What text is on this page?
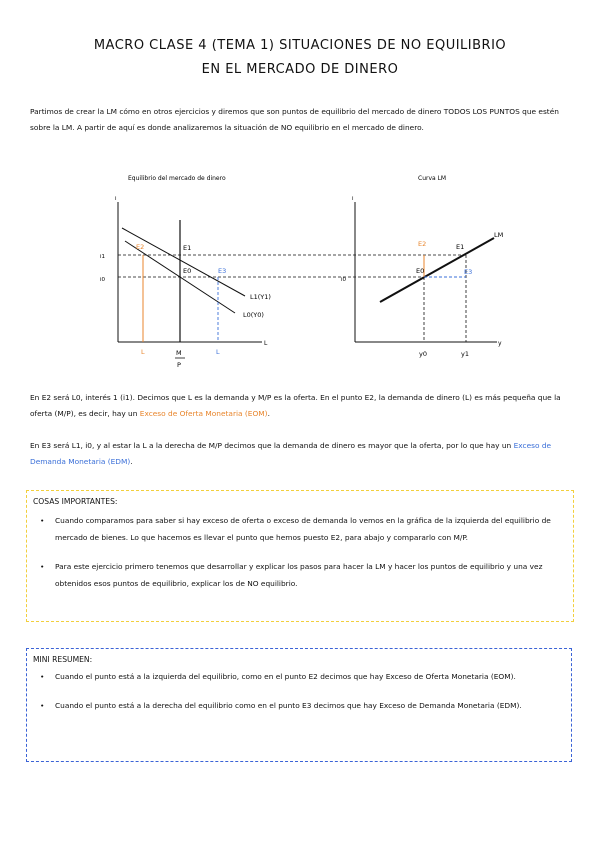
MACRO CLASE 4 (TEMA 1) SITUACIONES DE NO EQUILIBRIO
EN EL MERCADO DE DINERO
Partimos de crear la LM cómo en otros ejercicios y diremos que son puntos de equilibrio del mercado de dinero TODOS LOS PUNTOS que estén sobre la LM. A partir de aquí es donde analizaremos la situación de NO equilibrio en el mercado de dinero.
Equilibrio del mercado de dinero
i
L
i1
i0
E2	E1
E0	E3
L1(Y1)
L0(Y0)
L	M
P
L
Curva LM
i
y
i0
LM
E2	E1
E0	E3
y0	y1
En E2 será L0, interés 1 (i1). Decimos que L es la demanda y M/P es la oferta. En el punto E2, la demanda de dinero (L) es más pequeña que la oferta (M/P), es decir, hay un Exceso de Oferta Monetaria (EOM).
En E3 será L1, i0, y al estar la L a la derecha de M/P decimos que la demanda de dinero es mayor que la oferta, por lo que hay un Exceso de Demanda Monetaria (EDM).
COSAS IMPORTANTES:
• Cuando comparamos para saber si hay exceso de oferta o exceso de demanda lo vemos en la gráfica de la izquierda del equilibrio de mercado de bienes. Lo que hacemos es llevar el punto que hemos puesto E2, para abajo y compararlo con M/P.
• Para este ejercicio primero tenemos que desarrollar y explicar los pasos para hacer la LM y hacer los puntos de equilibrio y una vez obtenidos esos puntos de equilibrio, explicar los de NO equilibrio.
MINI RESUMEN:
• Cuando el punto está a la izquierda del equilibrio, como en el punto E2 decimos que hay Exceso de Oferta Monetaria (EOM).
• Cuando el punto está a la derecha del equilibrio como en el punto E3 decimos que hay Exceso de Demanda Monetaria (EDM).
